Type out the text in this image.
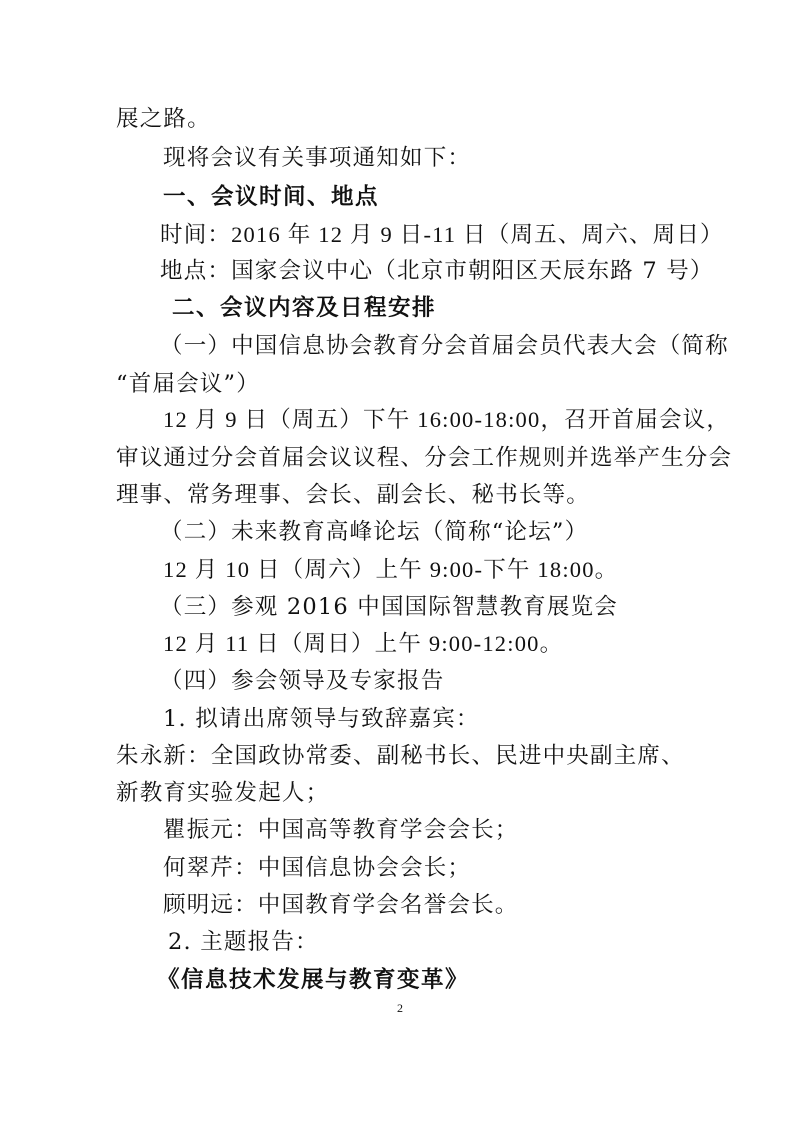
展之路。
现将会议有关事项通知如下：
一、会议时间、地点
时间：2016 年 12 月 9 日-11 日（周五、周六、周日）
地点：国家会议中心（北京市朝阳区天辰东路 7 号）
二、会议内容及日程安排
（一）中国信息协会教育分会首届会员代表大会（简称
“首届会议”）
12 月 9 日（周五）下午 16:00-18:00，召开首届会议，
审议通过分会首届会议议程、分会工作规则并选举产生分会
理事、常务理事、会长、副会长、秘书长等。
（二）未来教育高峰论坛（简称“论坛”）
12 月 10 日（周六）上午 9:00-下午 18:00。
（三）参观 2016 中国国际智慧教育展览会
12 月 11 日（周日）上午 9:00-12:00。
（四）参会领导及专家报告
1. 拟请出席领导与致辞嘉宾：
朱永新：全国政协常委、副秘书长、民进中央副主席、
新教育实验发起人；
瞿振元：中国高等教育学会会长；
何翠芹：中国信息协会会长；
顾明远：中国教育学会名誉会长。
2. 主题报告：
《信息技术发展与教育变革》
2
